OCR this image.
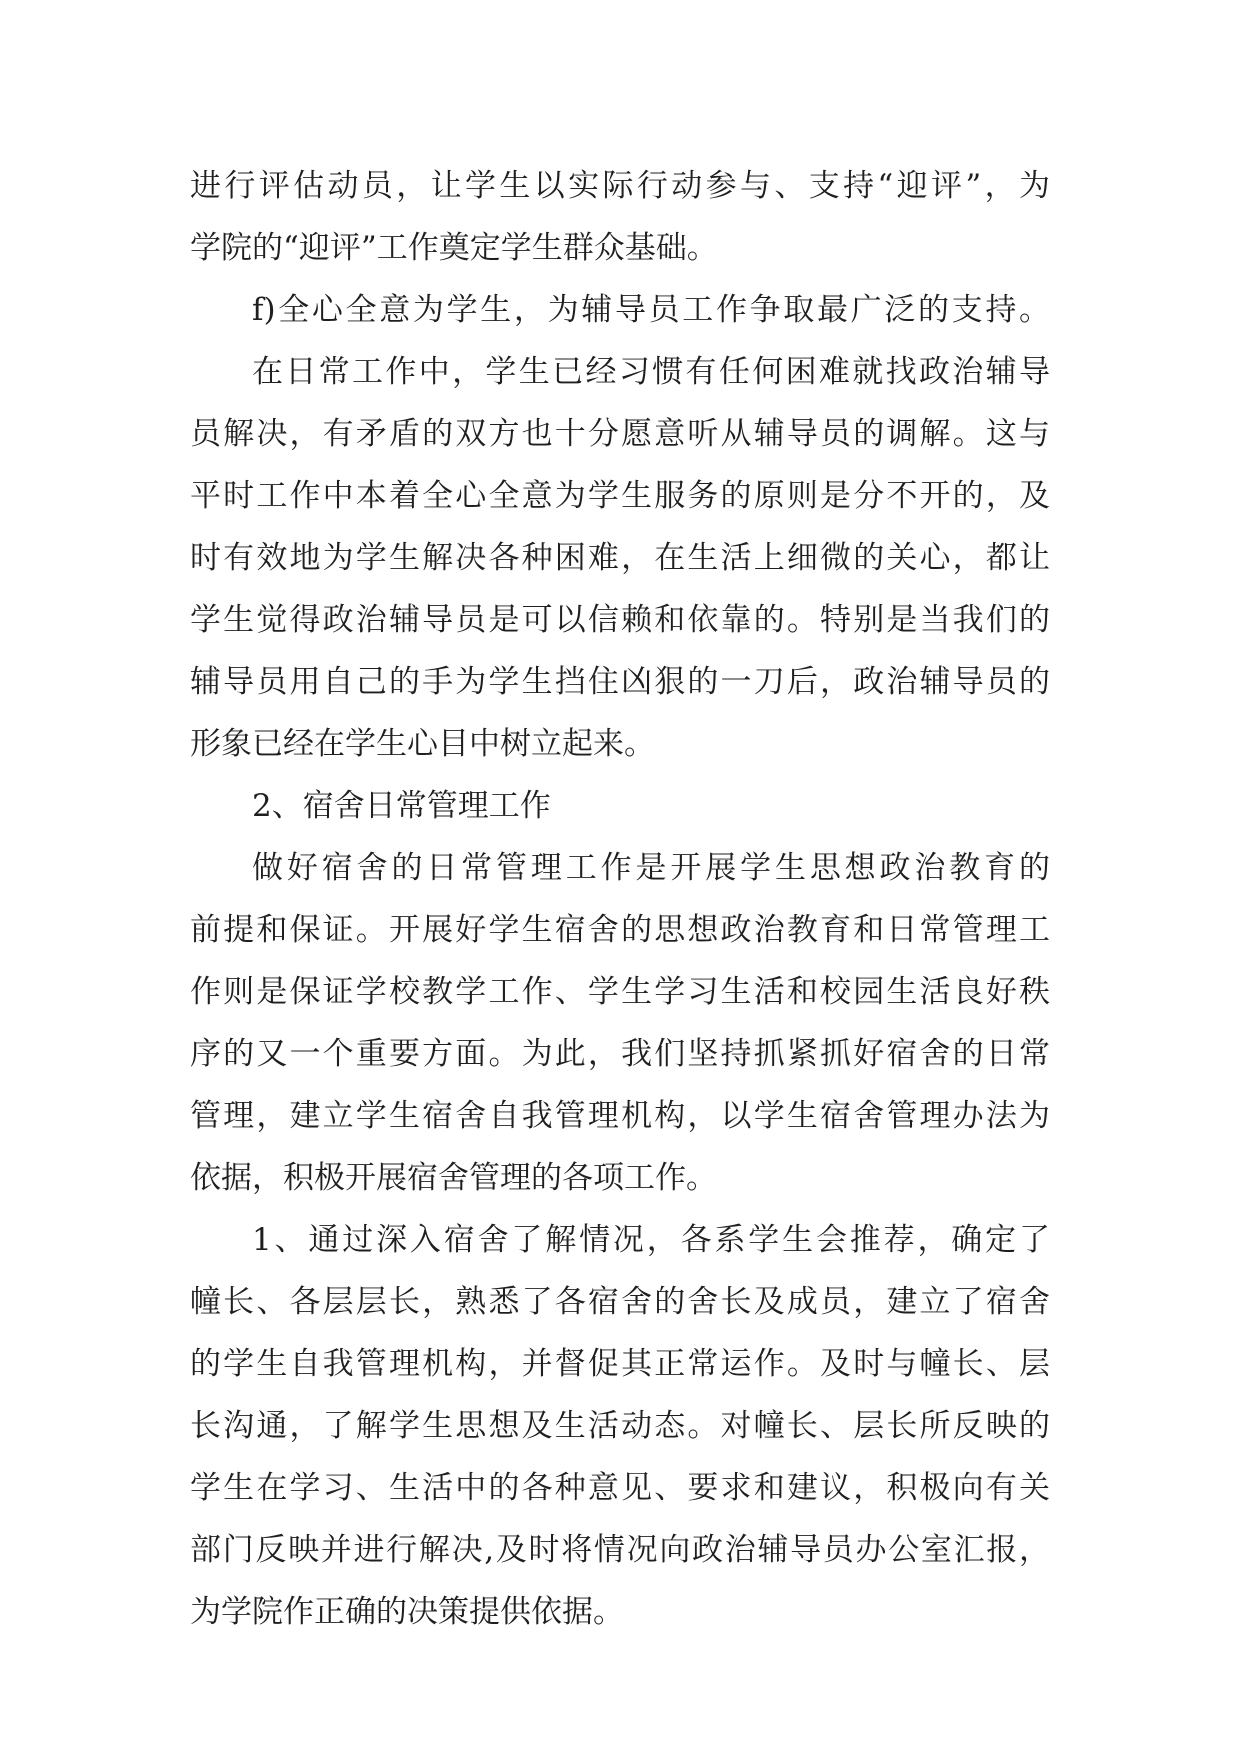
进行评估动员，让学生以实际行动参与、支持“迎评”，为
学院的“迎评”工作奠定学生群众基础。
f)全心全意为学生，为辅导员工作争取最广泛的支持。
在日常工作中，学生已经习惯有任何困难就找政治辅导
员解决，有矛盾的双方也十分愿意听从辅导员的调解。这与
平时工作中本着全心全意为学生服务的原则是分不开的，及
时有效地为学生解决各种困难，在生活上细微的关心，都让
学生觉得政治辅导员是可以信赖和依靠的。特别是当我们的
辅导员用自己的手为学生挡住凶狠的一刀后，政治辅导员的
形象已经在学生心目中树立起来。
2、宿舍日常管理工作
做好宿舍的日常管理工作是开展学生思想政治教育的
前提和保证。开展好学生宿舍的思想政治教育和日常管理工
作则是保证学校教学工作、学生学习生活和校园生活良好秩
序的又一个重要方面。为此，我们坚持抓紧抓好宿舍的日常
管理，建立学生宿舍自我管理机构，以学生宿舍管理办法为
依据，积极开展宿舍管理的各项工作。
1、通过深入宿舍了解情况，各系学生会推荐，确定了
幢长、各层层长，熟悉了各宿舍的舍长及成员，建立了宿舍
的学生自我管理机构，并督促其正常运作。及时与幢长、层
长沟通，了解学生思想及生活动态。对幢长、层长所反映的
学生在学习、生活中的各种意见、要求和建议，积极向有关
部门反映并进行解决,及时将情况向政治辅导员办公室汇报，
为学院作正确的决策提供依据。
